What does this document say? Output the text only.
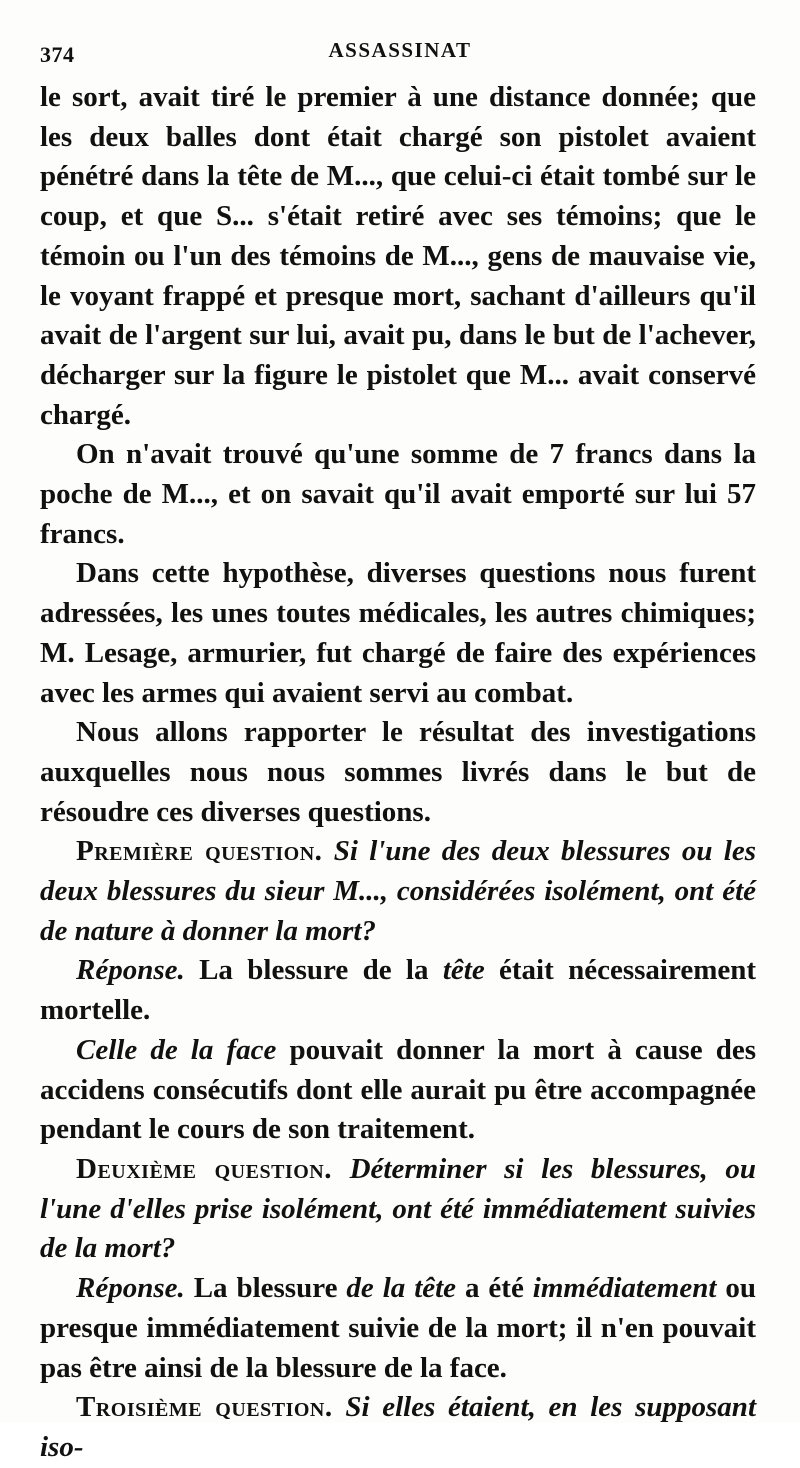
374	ASSASSINAT

le sort, avait tiré le premier à une distance donnée; que les deux balles dont était chargé son pistolet avaient pénétré dans la tête de M..., que celui-ci était tombé sur le coup, et que S... s'était retiré avec ses témoins; que le témoin ou l'un des témoins de M..., gens de mauvaise vie, le voyant frappé et presque mort, sachant d'ailleurs qu'il avait de l'argent sur lui, avait pu, dans le but de l'achever, décharger sur la figure le pistolet que M... avait conservé chargé.

On n'avait trouvé qu'une somme de 7 francs dans la poche de M..., et on savait qu'il avait emporté sur lui 57 francs.

Dans cette hypothèse, diverses questions nous furent adressées, les unes toutes médicales, les autres chimiques; M. Lesage, armurier, fut chargé de faire des expériences avec les armes qui avaient servi au combat.

Nous allons rapporter le résultat des investigations auxquelles nous nous sommes livrés dans le but de résoudre ces diverses questions.

Première question. Si l'une des deux blessures ou les deux blessures du sieur M..., considérées isolément, ont été de nature à donner la mort?

Réponse. La blessure de la tête était nécessairement mortelle.

Celle de la face pouvait donner la mort à cause des accidens consécutifs dont elle aurait pu être accompagnée pendant le cours de son traitement.

Deuxième question. Déterminer si les blessures, ou l'une d'elles prise isolément, ont été immédiatement suivies de la mort?

Réponse. La blessure de la tête a été immédiatement ou presque immédiatement suivie de la mort; il n'en pouvait pas être ainsi de la blessure de la face.

Troisième question. Si elles étaient, en les supposant iso-
